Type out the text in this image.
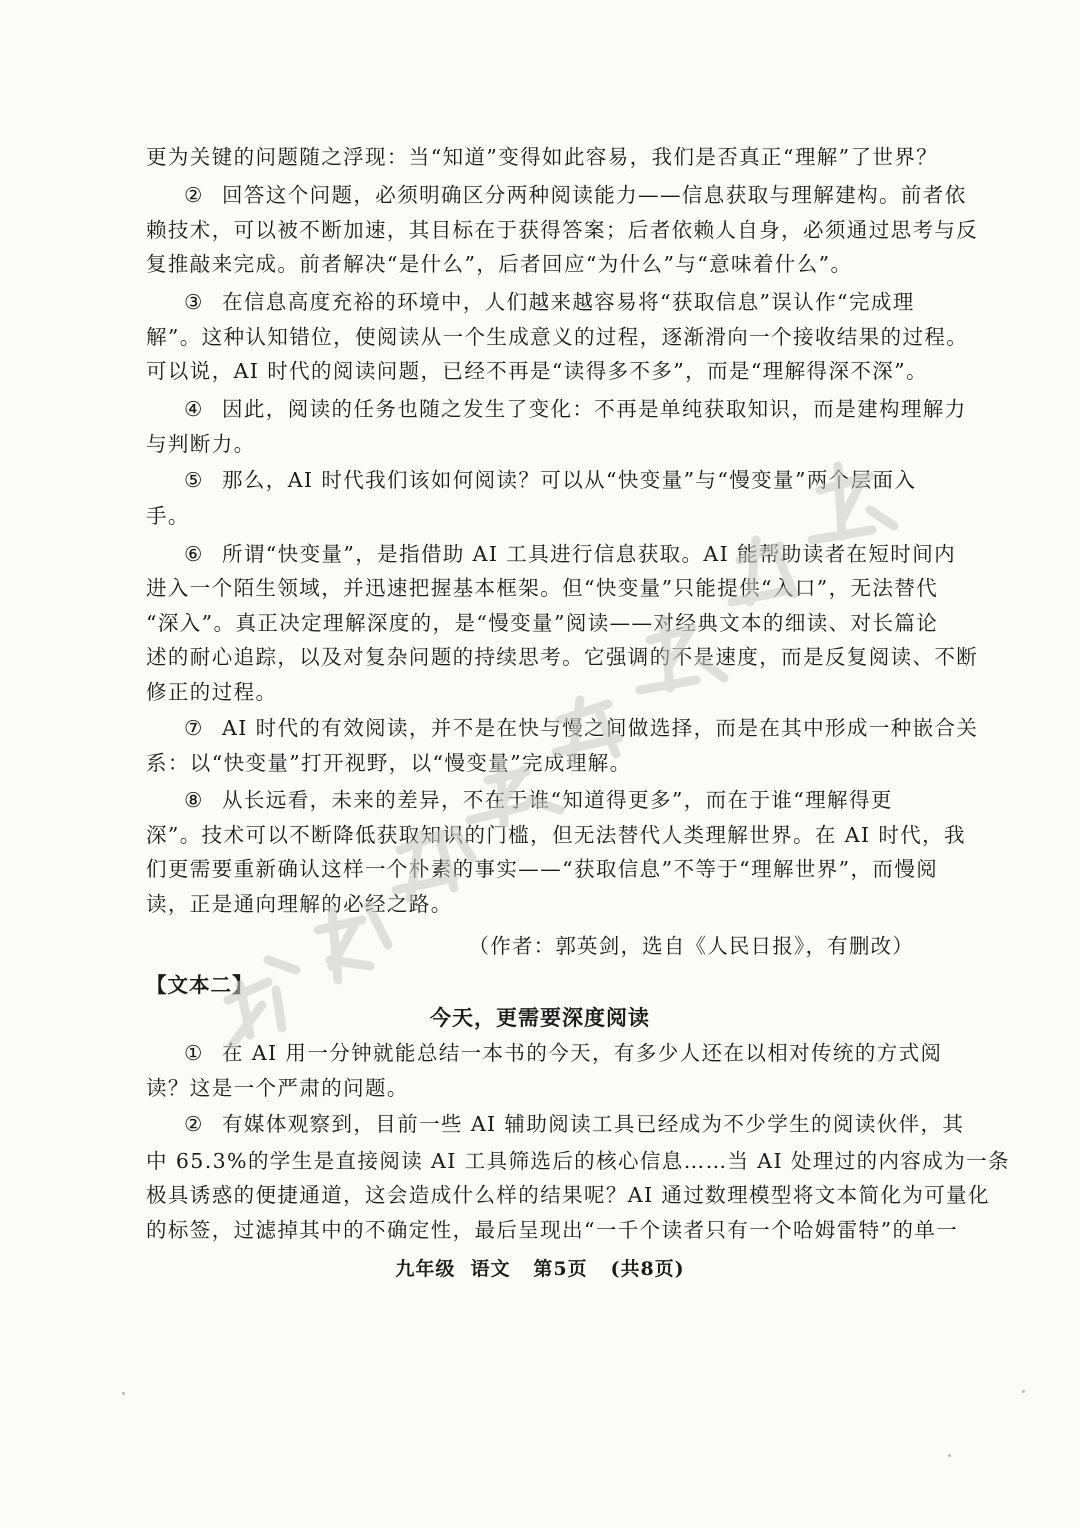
更为关键的问题随之浮现：当“知道”变得如此容易，我们是否真正“理解”了世界？
② 回答这个问题，必须明确区分两种阅读能力——信息获取与理解建构。前者依
赖技术，可以被不断加速，其目标在于获得答案；后者依赖人自身，必须通过思考与反
复推敲来完成。前者解决“是什么”，后者回应“为什么”与“意味着什么”。
③ 在信息高度充裕的环境中，人们越来越容易将“获取信息”误认作“完成理
解”。这种认知错位，使阅读从一个生成意义的过程，逐渐滑向一个接收结果的过程。
可以说，AI 时代的阅读问题，已经不再是“读得多不多”，而是“理解得深不深”。
④ 因此，阅读的任务也随之发生了变化：不再是单纯获取知识，而是建构理解力
与判断力。
⑤ 那么，AI 时代我们该如何阅读？可以从“快变量”与“慢变量”两个层面入
手。
⑥ 所谓“快变量”，是指借助 AI 工具进行信息获取。AI 能帮助读者在短时间内
进入一个陌生领域，并迅速把握基本框架。但“快变量”只能提供“入口”，无法替代
“深入”。真正决定理解深度的，是“慢变量”阅读——对经典文本的细读、对长篇论
述的耐心追踪，以及对复杂问题的持续思考。它强调的不是速度，而是反复阅读、不断
修正的过程。
⑦ AI 时代的有效阅读，并不是在快与慢之间做选择，而是在其中形成一种嵌合关
系：以“快变量”打开视野，以“慢变量”完成理解。
⑧ 从长远看，未来的差异，不在于谁“知道得更多”，而在于谁“理解得更
深”。技术可以不断降低获取知识的门槛，但无法替代人类理解世界。在 AI 时代，我
们更需要重新确认这样一个朴素的事实——“获取信息”不等于“理解世界”，而慢阅
读，正是通向理解的必经之路。
（作者：郭英剑，选自《人民日报》，有删改）
【文本二】
今天，更需要深度阅读
① 在 AI 用一分钟就能总结一本书的今天，有多少人还在以相对传统的方式阅
读？这是一个严肃的问题。
② 有媒体观察到，目前一些 AI 辅助阅读工具已经成为不少学生的阅读伙伴，其
中 65.3%的学生是直接阅读 AI 工具筛选后的核心信息……当 AI 处理过的内容成为一条
极具诱惑的便捷通道，这会造成什么样的结果呢？AI 通过数理模型将文本简化为可量化
的标签，过滤掉其中的不确定性，最后呈现出“一千个读者只有一个哈姆雷特”的单一
九年级  语文   第5页   (共8页)
